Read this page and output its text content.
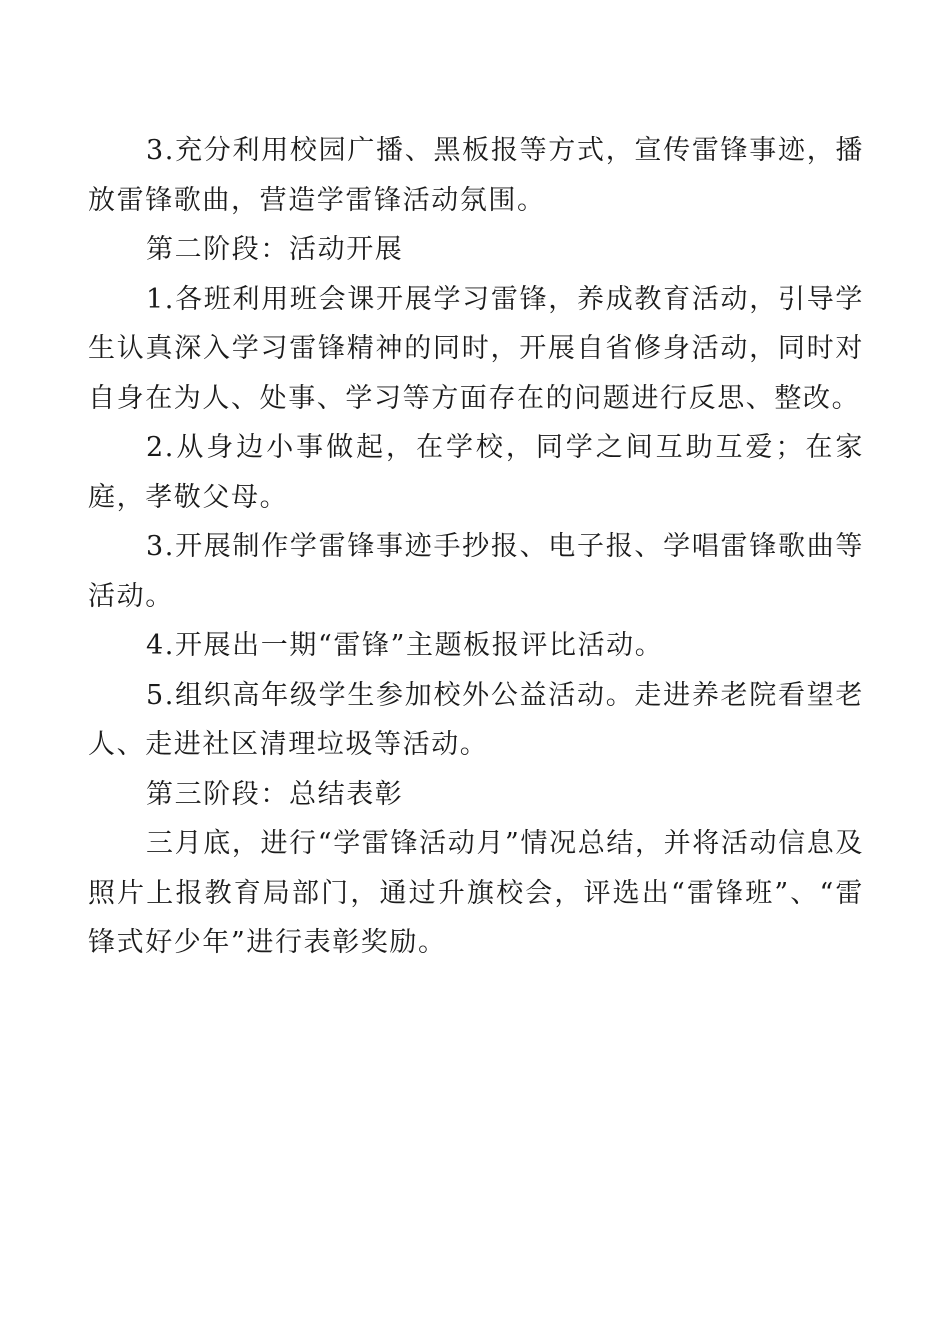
3.充分利用校园广播、黑板报等方式，宣传雷锋事迹，播放雷锋歌曲，营造学雷锋活动氛围。

第二阶段：活动开展

1.各班利用班会课开展学习雷锋，养成教育活动，引导学生认真深入学习雷锋精神的同时，开展自省修身活动，同时对自身在为人、处事、学习等方面存在的问题进行反思、整改。

2.从身边小事做起，在学校，同学之间互助互爱；在家庭，孝敬父母。

3.开展制作学雷锋事迹手抄报、电子报、学唱雷锋歌曲等活动。

4.开展出一期“雷锋”主题板报评比活动。

5.组织高年级学生参加校外公益活动。走进养老院看望老人、走进社区清理垃圾等活动。

第三阶段：总结表彰

三月底，进行“学雷锋活动月”情况总结，并将活动信息及照片上报教育局部门，通过升旗校会，评选出“雷锋班”、“雷锋式好少年”进行表彰奖励。
